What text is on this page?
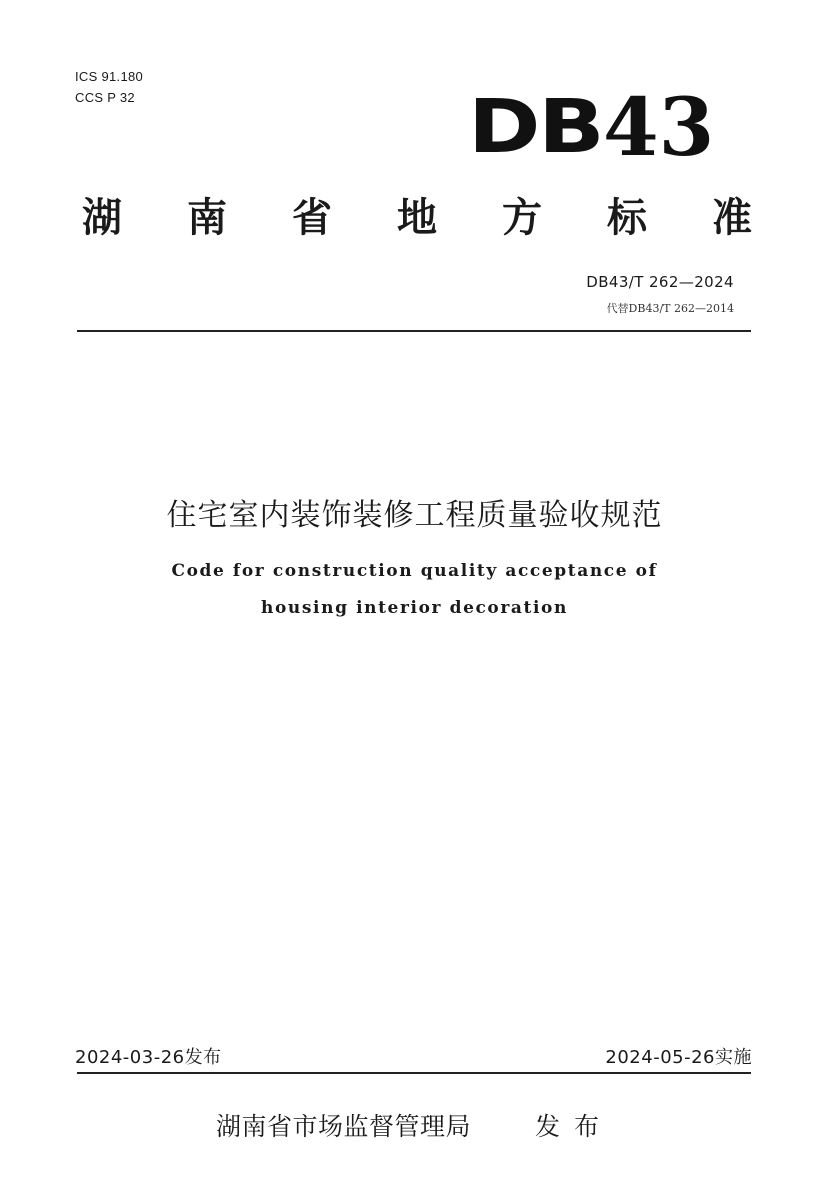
ICS 91.180
CCS P 32	DB 43
湖 南 省 地 方 标 准
DB43/T 262—2024
代替DB43/T 262—2014
住宅室内装饰装修工程质量验收规范
Code for construction quality acceptance of
housing interior decoration
2024-03-26发布	2024-05-26实施
湖南省市场监督管理局	发布
